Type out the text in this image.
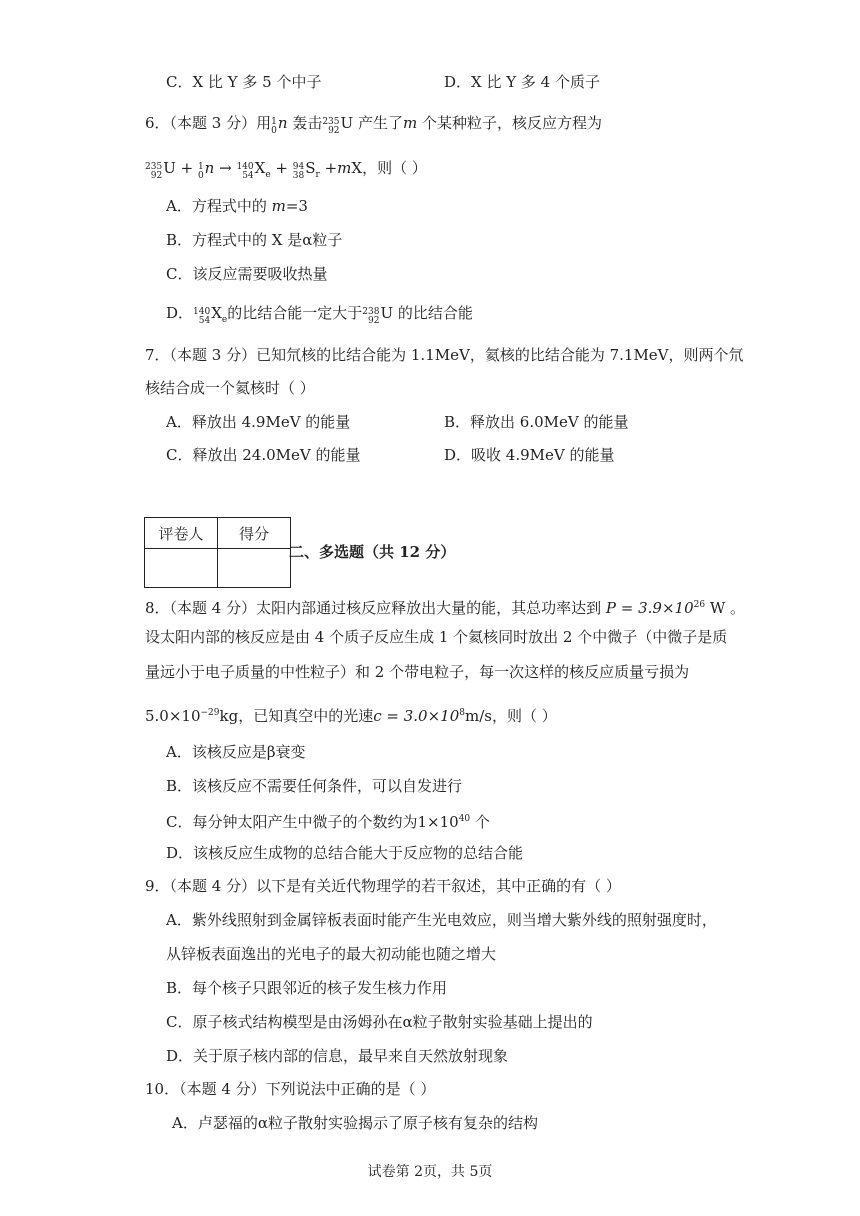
C．X 比 Y 多 5 个中子	D．X 比 Y 多 4 个质子
6．（本题 3 分）用 1
0 n 轰击 235
92 U 产生了m 个某种粒子，核反应方程为
235
92 U + 1
0 n → 140
54 $X_e + 94$
38 $S_r +mX$，则（ ）
A．方程式中的 m=3
B．方程式中的 X 是α粒子
C．该反应需要吸收热量
D． 140
54 $X_e$的比结合能一定大于 238
92 U 的比结合能
7．（本题 3 分）已知氘核的比结合能为 1.1MeV，氦核的比结合能为 7.1MeV，则两个氘
核结合成一个氦核时（ ）
A．释放出 4.9MeV 的能量	B．释放出 6.0MeV 的能量
C．释放出 24.0MeV 的能量	D．吸收 4.9MeV 的能量
评卷人	得分

二、多选题（共 12 分）
8．（本题 4 分）太阳内部通过核反应释放出大量的能，其总功率达到 $P = 3.9\times 10^{26}$ W 。
设太阳内部的核反应是由 4 个质子反应生成 1 个氦核同时放出 2 个中微子（中微子是质
量远小于电子质量的中性粒子）和 2 个带电粒子，每一次这样的核反应质量亏损为
$5.0\times 10^{-29}kg$，已知真空中的光速$c = 3.0\times 10^8m/s$，则（ ）
A．该核反应是β衰变
B．该核反应不需要任何条件，可以自发进行
C．每分钟太阳产生中微子的个数约为$1\times 10^{40}$ 个
D．该核反应生成物的总结合能大于反应物的总结合能
9．（本题 4 分）以下是有关近代物理学的若干叙述，其中正确的有（ ）
A．紫外线照射到金属锌板表面时能产生光电效应，则当增大紫外线的照射强度时，
从锌板表面逸出的光电子的最大初动能也随之增大
B．每个核子只跟邻近的核子发生核力作用
C．原子核式结构模型是由汤姆孙在α粒子散射实验基础上提出的
D．关于原子核内部的信息，最早来自天然放射现象
10．（本题 4 分）下列说法中正确的是（ ）
A．卢瑟福的α粒子散射实验揭示了原子核有复杂的结构
试卷第 2页，共 5页
